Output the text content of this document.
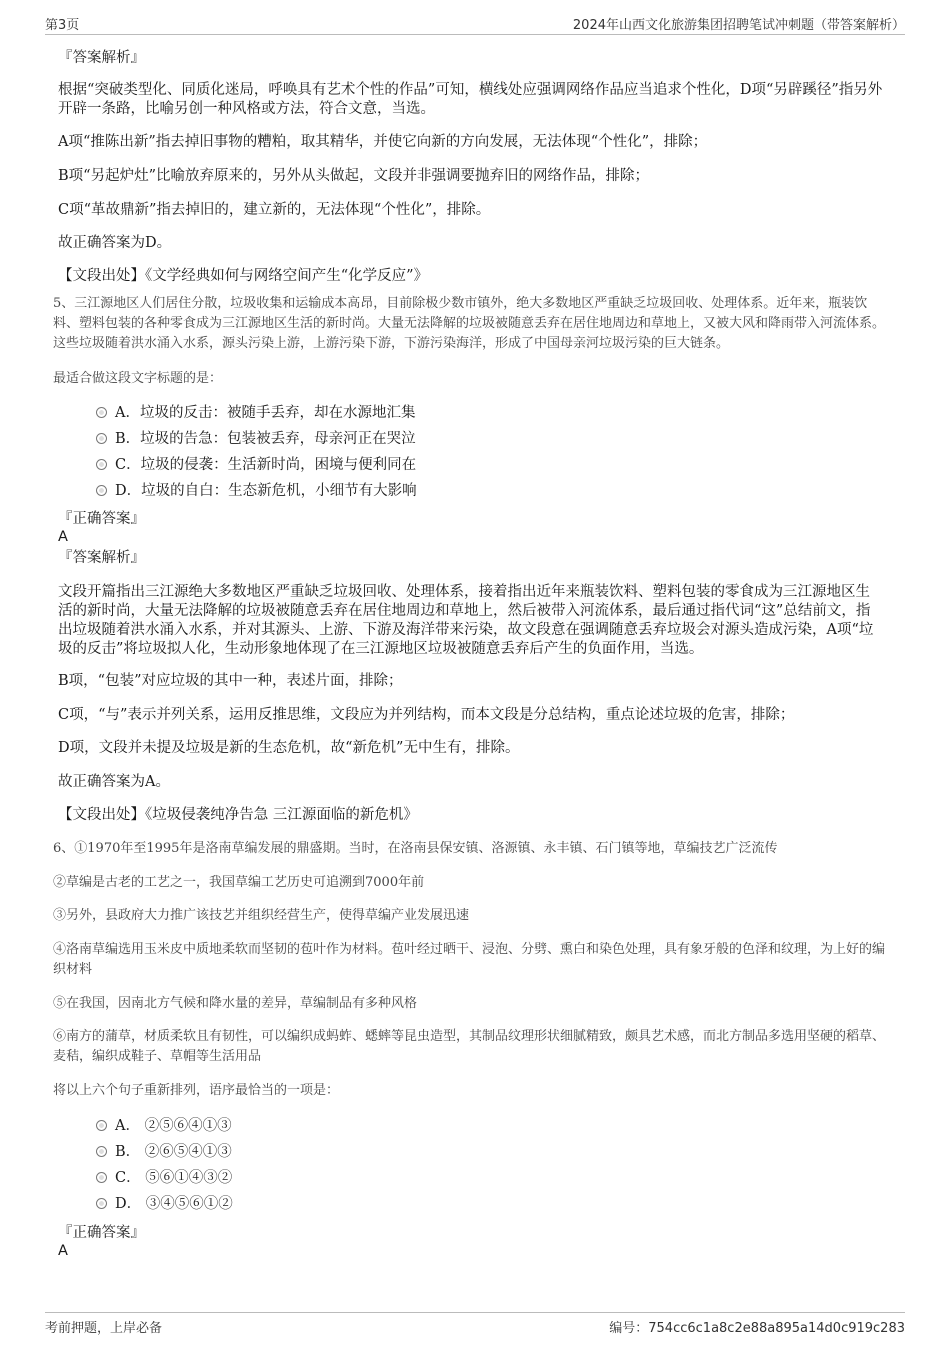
第3页	2024年山西文化旅游集团招聘笔试冲刺题（带答案解析）
『答案解析』
根据“突破类型化、同质化迷局，呼唤具有艺术个性的作品”可知，横线处应强调网络作品应当追求个性化，D项“另辟蹊径”指另外开辟一条路，比喻另创一种风格或方法，符合文意，当选。
A项“推陈出新”指去掉旧事物的糟粕，取其精华，并使它向新的方向发展，无法体现“个性化”，排除；
B项“另起炉灶”比喻放弃原来的，另外从头做起，文段并非强调要抛弃旧的网络作品，排除；
C项“革故鼎新”指去掉旧的，建立新的，无法体现“个性化”，排除。
故正确答案为D。
【文段出处】《文学经典如何与网络空间产生“化学反应”》
5、三江源地区人们居住分散，垃圾收集和运输成本高昂，目前除极少数市镇外，绝大多数地区严重缺乏垃圾回收、处理体系。近年来，瓶装饮料、塑料包装的各种零食成为三江源地区生活的新时尚。大量无法降解的垃圾被随意丢弃在居住地周边和草地上，又被大风和降雨带入河流体系。这些垃圾随着洪水涌入水系，源头污染上游，上游污染下游，下游污染海洋，形成了中国母亲河垃圾污染的巨大链条。
最适合做这段文字标题的是：
A．垃圾的反击：被随手丢弃，却在水源地汇集
B．垃圾的告急：包装被丢弃，母亲河正在哭泣
C．垃圾的侵袭：生活新时尚，困境与便利同在
D．垃圾的自白：生态新危机，小细节有大影响
『正确答案』
A
『答案解析』
文段开篇指出三江源绝大多数地区严重缺乏垃圾回收、处理体系，接着指出近年来瓶装饮料、塑料包装的零食成为三江源地区生活的新时尚，大量无法降解的垃圾被随意丢弃在居住地周边和草地上，然后被带入河流体系，最后通过指代词“这”总结前文，指出垃圾随着洪水涌入水系，并对其源头、上游、下游及海洋带来污染，故文段意在强调随意丢弃垃圾会对源头造成污染，A项“垃圾的反击”将垃圾拟人化，生动形象地体现了在三江源地区垃圾被随意丢弃后产生的负面作用，当选。
B项，“包装”对应垃圾的其中一种，表述片面，排除；
C项，“与”表示并列关系，运用反推思维，文段应为并列结构，而本文段是分总结构，重点论述垃圾的危害，排除；
D项，文段并未提及垃圾是新的生态危机，故“新危机”无中生有，排除。
故正确答案为A。
【文段出处】《垃圾侵袭纯净告急 三江源面临的新危机》
6、①1970年至1995年是洛南草编发展的鼎盛期。当时，在洛南县保安镇、洛源镇、永丰镇、石门镇等地，草编技艺广泛流传
②草编是古老的工艺之一，我国草编工艺历史可追溯到7000年前
③另外，县政府大力推广该技艺并组织经营生产，使得草编产业发展迅速
④洛南草编选用玉米皮中质地柔软而坚韧的苞叶作为材料。苞叶经过晒干、浸泡、分劈、熏白和染色处理，具有象牙般的色泽和纹理，为上好的编织材料
⑤在我国，因南北方气候和降水量的差异，草编制品有多种风格
⑥南方的蒲草，材质柔软且有韧性，可以编织成蚂蚱、蟋蟀等昆虫造型，其制品纹理形状细腻精致，颇具艺术感，而北方制品多选用坚硬的稻草、麦秸，编织成鞋子、草帽等生活用品
将以上六个句子重新排列，语序最恰当的一项是：
A． ②⑤⑥④①③
B． ②⑥⑤④①③
C． ⑤⑥①④③②
D． ③④⑤⑥①②
『正确答案』
A
考前押题，上岸必备	编号：754cc6c1a8c2e88a895a14d0c919c283
